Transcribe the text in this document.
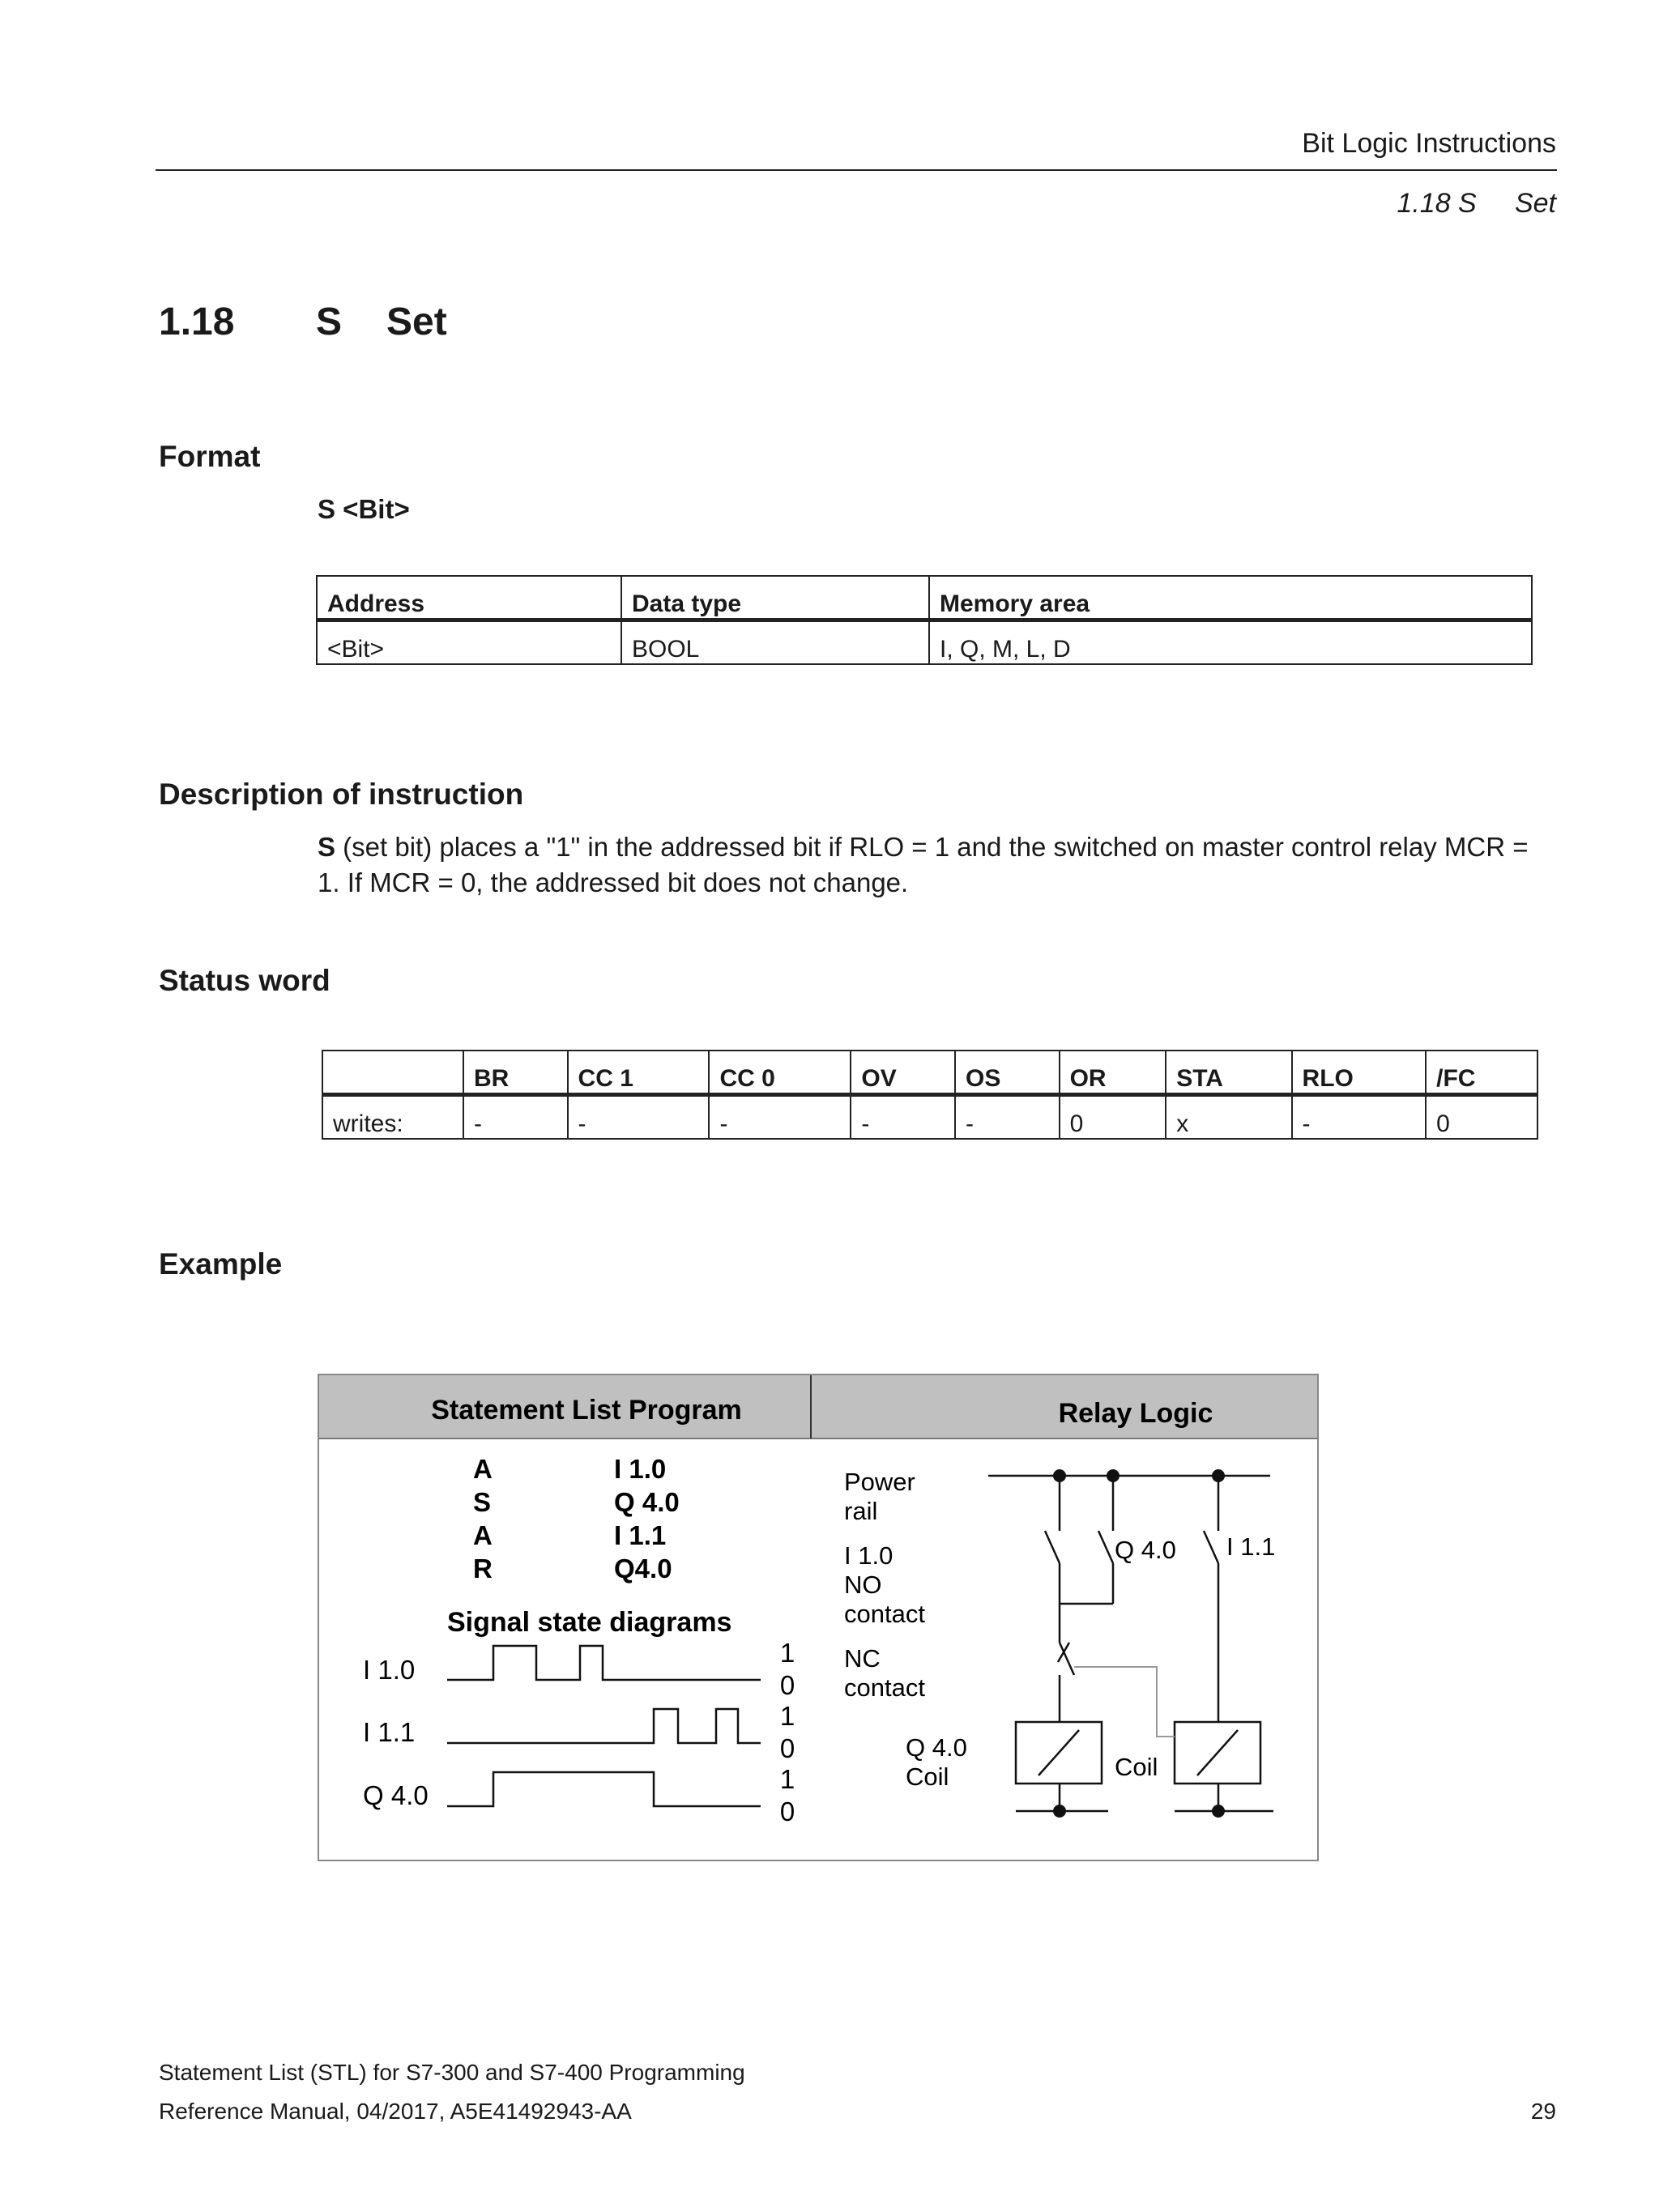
Bit Logic Instructions
1.18 S     Set
1.18 S Set
Format
S <Bit>
Address	Data type	Memory area
<Bit>	BOOL	I, Q, M, L, D
Description of instruction
S (set bit) places a "1" in the addressed bit if RLO = 1 and the switched on master control relay MCR = 1. If MCR = 0, the addressed bit does not change.
Status word
	BR	CC 1	CC 0	OV	OS	OR	STA	RLO	/FC
writes:	-	-	-	-	-	0	x	-	0
Example
Statement List Program	Relay Logic
A	I 1.0
S	Q 4.0
A	I 1.1
R	Q4.0
Signal state diagrams
I 1.0
I 1.1
Q 4.0
1
0
1
0
1
0
Power
rail
I 1.0
NO
contact
NC
contact
Q 4.0
Coil
Q 4.0 I 1.1
Coil
Statement List (STL) for S7-300 and S7-400 Programming
Reference Manual, 04/2017, A5E41492943-AA	29
